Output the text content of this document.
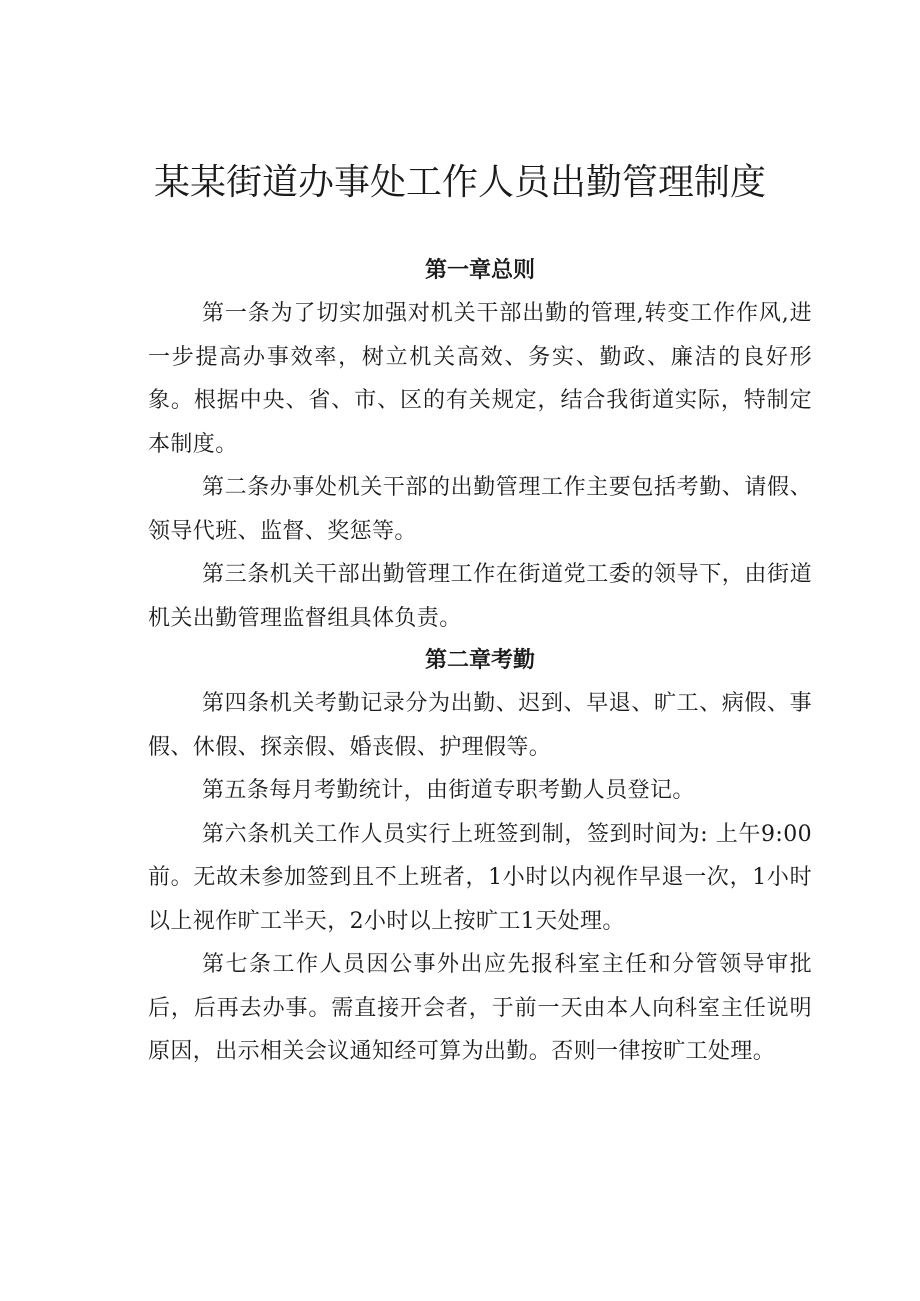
某某街道办事处工作人员出勤管理制度
第一章总则

第一条为了切实加强对机关干部出勤的管理,转变工作作风,进一步提高办事效率，树立机关高效、务实、勤政、廉洁的良好形象。根据中央、省、市、区的有关规定，结合我街道实际，特制定本制度。

第二条办事处机关干部的出勤管理工作主要包括考勤、请假、领导代班、监督、奖惩等。

第三条机关干部出勤管理工作在街道党工委的领导下，由街道机关出勤管理监督组具体负责。

第二章考勤

第四条机关考勤记录分为出勤、迟到、早退、旷工、病假、事假、休假、探亲假、婚丧假、护理假等。

第五条每月考勤统计，由街道专职考勤人员登记。

第六条机关工作人员实行上班签到制，签到时间为: 上午9:00前。无故未参加签到且不上班者，1小时以内视作早退一次，1小时以上视作旷工半天，2小时以上按旷工1天处理。

第七条工作人员因公事外出应先报科室主任和分管领导审批后，后再去办事。需直接开会者，于前一天由本人向科室主任说明原因，出示相关会议通知经可算为出勤。否则一律按旷工处理。
